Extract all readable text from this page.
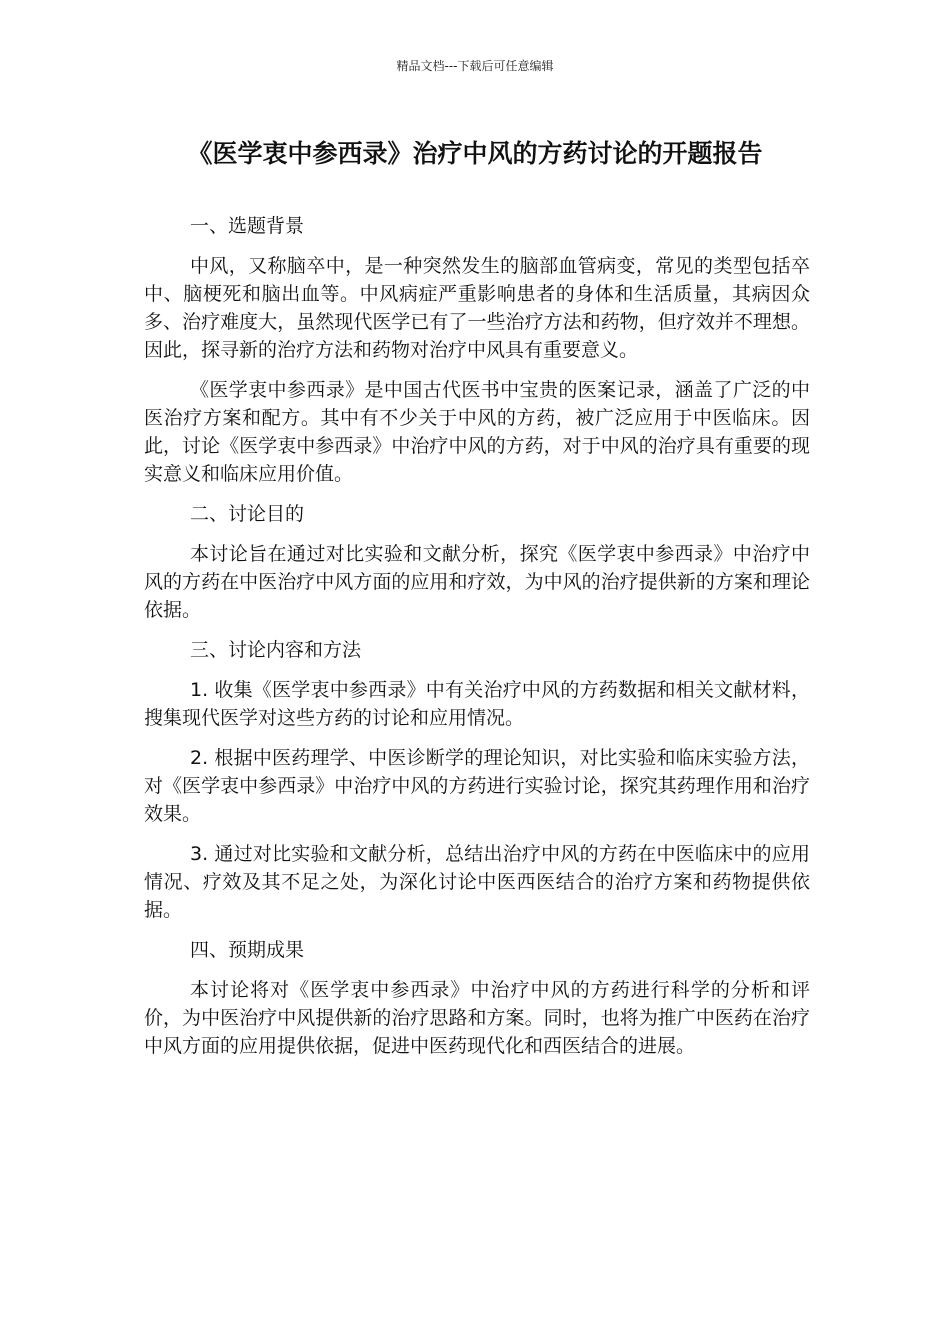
精品文档---下载后可任意编辑
《医学衷中参西录》治疗中风的方药讨论的开题报告

一、选题背景

中风，又称脑卒中，是一种突然发生的脑部血管病变，常见的类型包括卒中、脑梗死和脑出血等。中风病症严重影响患者的身体和生活质量，其病因众多、治疗难度大，虽然现代医学已有了一些治疗方法和药物，但疗效并不理想。因此，探寻新的治疗方法和药物对治疗中风具有重要意义。

《医学衷中参西录》是中国古代医书中宝贵的医案记录，涵盖了广泛的中医治疗方案和配方。其中有不少关于中风的方药，被广泛应用于中医临床。因此，讨论《医学衷中参西录》中治疗中风的方药，对于中风的治疗具有重要的现实意义和临床应用价值。

二、讨论目的

本讨论旨在通过对比实验和文献分析，探究《医学衷中参西录》中治疗中风的方药在中医治疗中风方面的应用和疗效，为中风的治疗提供新的方案和理论依据。

三、讨论内容和方法

1. 收集《医学衷中参西录》中有关治疗中风的方药数据和相关文献材料，搜集现代医学对这些方药的讨论和应用情况。

2. 根据中医药理学、中医诊断学的理论知识，对比实验和临床实验方法，对《医学衷中参西录》中治疗中风的方药进行实验讨论，探究其药理作用和治疗效果。

3. 通过对比实验和文献分析，总结出治疗中风的方药在中医临床中的应用情况、疗效及其不足之处，为深化讨论中医西医结合的治疗方案和药物提供依据。

四、预期成果

本讨论将对《医学衷中参西录》中治疗中风的方药进行科学的分析和评价，为中医治疗中风提供新的治疗思路和方案。同时，也将为推广中医药在治疗中风方面的应用提供依据，促进中医药现代化和西医结合的进展。
